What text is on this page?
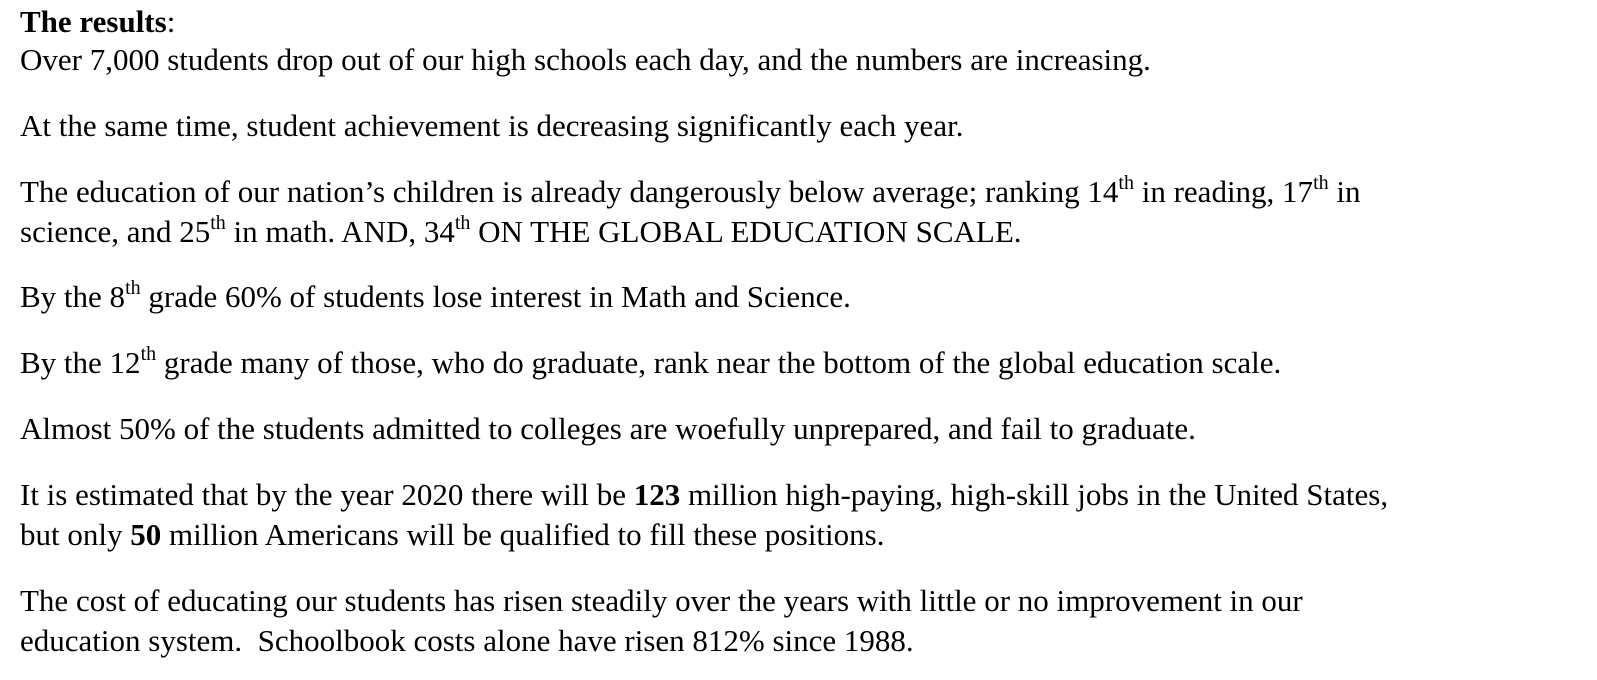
The results:
Over 7,000 students drop out of our high schools each day, and the numbers are increasing.
At the same time, student achievement is decreasing significantly each year.
The education of our nation’s children is already dangerously below average; ranking 14th in reading, 17th in
science, and 25th in math. AND, 34th ON THE GLOBAL EDUCATION SCALE.
By the 8th grade 60% of students lose interest in Math and Science.
By the 12th grade many of those, who do graduate, rank near the bottom of the global education scale.
Almost 50% of the students admitted to colleges are woefully unprepared, and fail to graduate.
It is estimated that by the year 2020 there will be 123 million high-paying, high-skill jobs in the United States,
but only 50 million Americans will be qualified to fill these positions.
The cost of educating our students has risen steadily over the years with little or no improvement in our
education system.  Schoolbook costs alone have risen 812% since 1988.
